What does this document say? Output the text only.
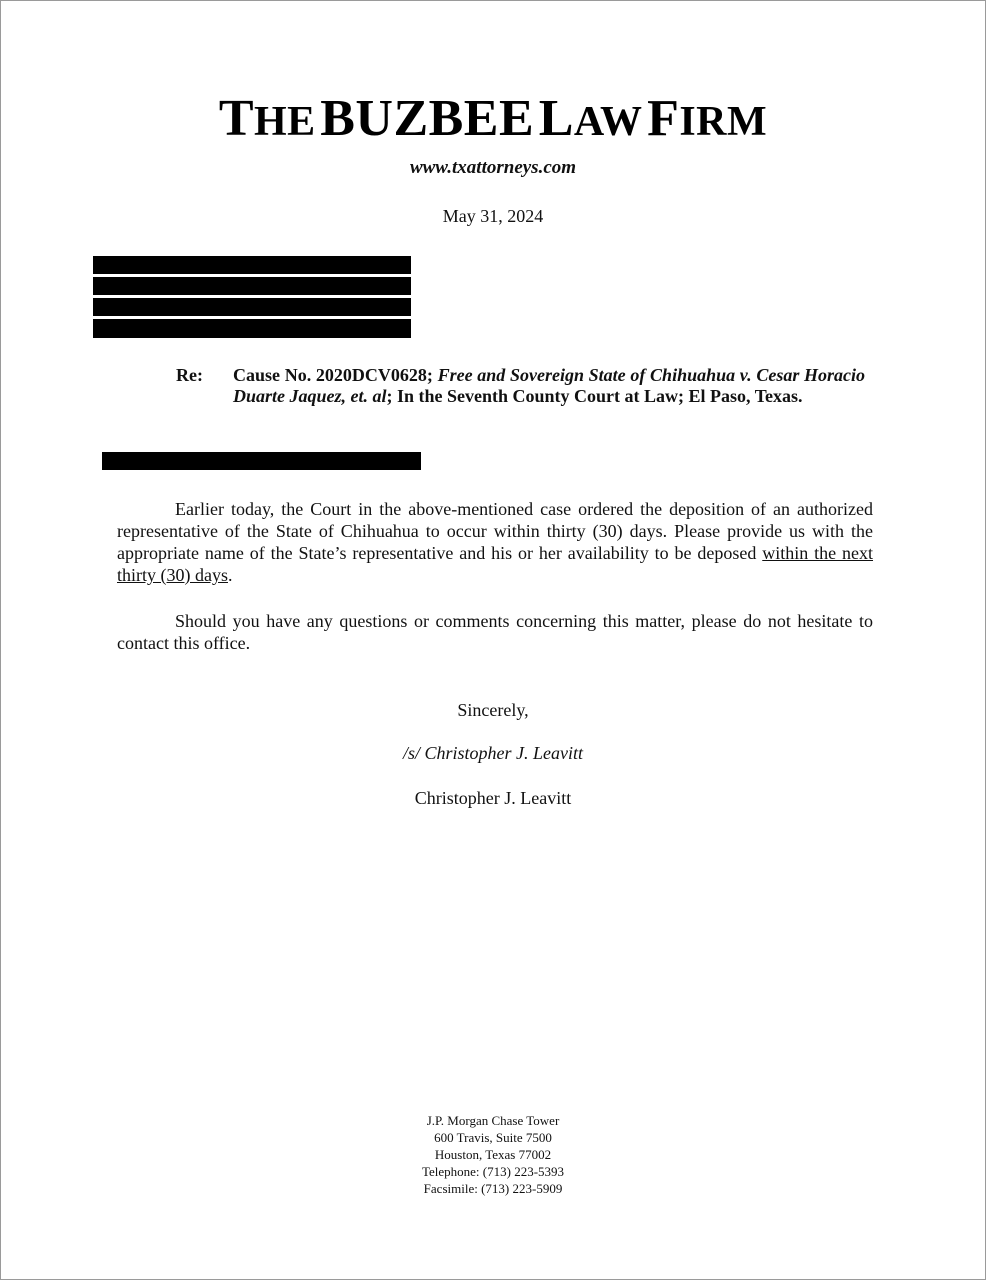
THE BUZBEE LAW FIRM
www.txattorneys.com
May 31, 2024
Re: Cause No. 2020DCV0628; Free and Sovereign State of Chihuahua v. Cesar Horacio Duarte Jaquez, et. al; In the Seventh County Court at Law; El Paso, Texas.
Earlier today, the Court in the above-mentioned case ordered the deposition of an authorized representative of the State of Chihuahua to occur within thirty (30) days. Please provide us with the appropriate name of the State’s representative and his or her availability to be deposed within the next thirty (30) days.
Should you have any questions or comments concerning this matter, please do not hesitate to contact this office.
Sincerely,
/s/ Christopher J. Leavitt
Christopher J. Leavitt
J.P. Morgan Chase Tower
600 Travis, Suite 7500
Houston, Texas 77002
Telephone: (713) 223-5393
Facsimile: (713) 223-5909
